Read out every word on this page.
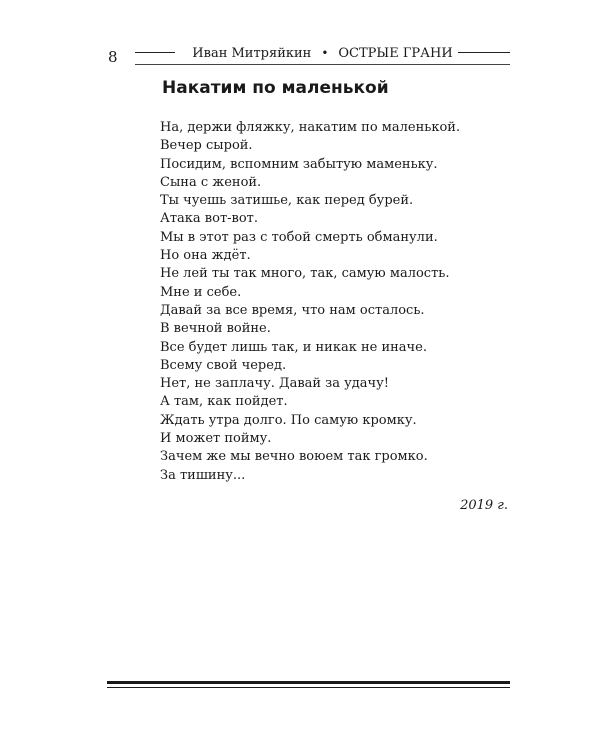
8	Иван Митряйкин • ОСТРЫЕ ГРАНИ
Накатим по маленькой
На, держи фляжку, накатим по маленькой.
Вечер сырой.
Посидим, вспомним забытую маменьку.
Сына с женой.
Ты чуешь затишье, как перед бурей.
Атака вот-вот.
Мы в этот раз с тобой смерть обманули.
Но она ждёт.
Не лей ты так много, так, самую малость.
Мне и себе.
Давай за все время, что нам осталось.
В вечной войне.
Все будет лишь так, и никак не иначе.
Всему свой черед.
Нет, не заплачу. Давай за удачу!
А там, как пойдет.
Ждать утра долго. По самую кромку.
И может пойму.
Зачем же мы вечно воюем так громко.
За тишину...
2019 г.
